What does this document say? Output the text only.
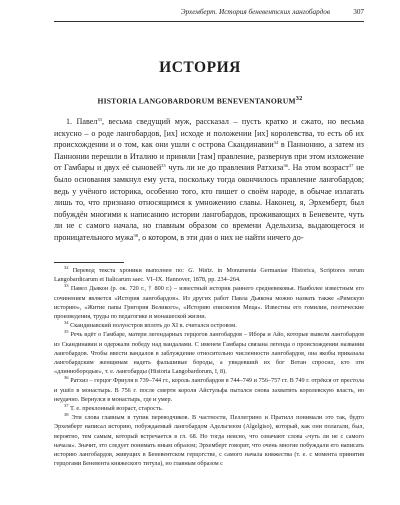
Эрхемберт. История беневентских лангобардов	307
ИСТОРИЯ
HISTORIA LANGOBARDORUM BENEVENTANORUM$^{32}$

1. Павел$^{33}$, весьма сведущий муж, рассказал – пусть кратко и сжато, но весьма искусно – о роде лангобардов, [их] исходе и положении [их] королевства, то есть об их происхождении и о том, как они ушли с острова Скандинавии$^{34}$ в Паннонию, а затем из Паннонии перешли в Италию и приняли [там] правление, развернув при этом изложение от Гамбары и двух её сыновей$^{35}$ чуть ли не до правления Ратхиза$^{36}$. На этом возраст$^{37}$ не было основания замкнул ему уста, поскольку тогда окончилось правление лангобардов; ведь у учёного историка, особенно того, кто пишет о своём народе, в обычае излагать лишь то, что признано относящимся к умножению славы. Наконец, я, Эрхемберт, был побуждён многими к написанию истории лангобардов, проживающих в Беневенте, чуть ли не с самого начала, но главным образом со времени Адельхиза, выдающегося и проницательного мужа$^{38}$, о котором, в эти дни о них не найти ничего до-

$^{32}$ Перевод текста хроники выполнен по: G. Waitz. in Monumenta Germaniae Historica, Scriptores rerum Langobardicarum et Italicarum saec. VI–IX. Hannover, 1878, pp. 234–264.

$^{33}$ Павел Дьякон (р. ок. 720 г., † 800 г.) – известный историк раннего средневековья. Наиболее известным его сочинением является «История лангобардов». Из других работ Павла Дьякона можно назвать также «Римскую историю», «Житие папы Григория Великого», «Историю епископов Меца». Известны его гомилии, поэтические произведения, труды по педагогике и монашеской жизни.

$^{34}$ Скандинавский полуостров вплоть до XI в. считался островом.

$^{35}$ Речь идёт о Гамбаре, матери легендарных герцогов лангобардов – Ибора и Айо, которые вывели лангобардов из Скандинавии и одержали победу над вандалами. С именем Гамбары связана легенда о происхождении названия лангобардов. Чтобы ввести вандалов в заблуждение относительно численности лангобардов, она якобы приказала лангобардским женщинам надеть фальшивые бороды, а увидевший их бог Вотан спросил, кто эти «длиннобородые», т. е. лангобарды (Historia Langobardorum, I, 8).

$^{36}$ Ратхиз – герцог Фриуля в 739–744 гг., король лангобардов в 744–749 и 756–757 гг. В 749 г. отрёкся от престола и ушёл в монастырь. В 756 г. после смерти короля Айстульфа пытался снова захватить королевскую власть, но неудачно. Вернулся в монастырь, где и умер.

$^{37}$ Т. е. преклонный возраст, старость.

$^{38}$ Эти слова главным в тупик переводчиков. В частности, Пеллегрино и Пратилл понимали это так, будто Эрхемберт написал историю, побуждаемый лангобардом Адельгизом (Algelgiso), который, как они полагали, был, вероятно, тем самым, который встречается в гл. 68. Но тогда неясно, что означают слова «чуть ли не с самого начала». Значит, это следует понимать иным образом; Эрхемберт говорит, что очень многие побуждали его написать историю лангобардов, живущих в Беневентском герцогстве, с самого начала княжества (т. е. с момента принятия герцогами Беневента княжеского титула), но главным образом с
